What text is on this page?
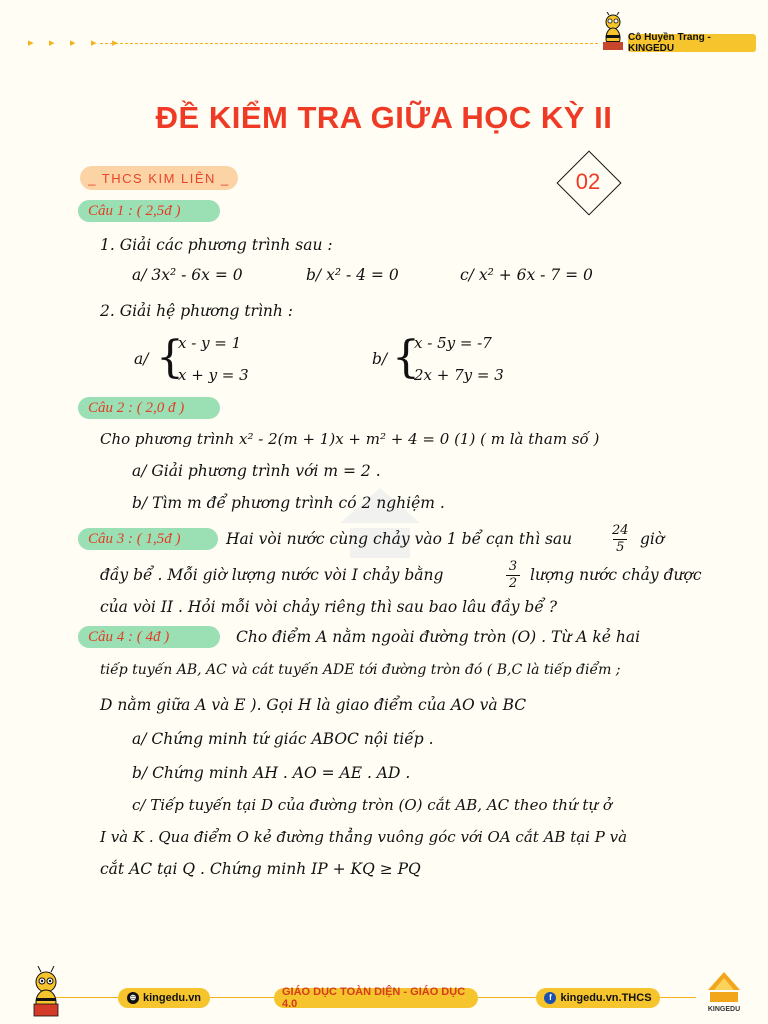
▸ ▸ ▸ ▸ ▸	Cô Huyền Trang - KINGEDU
ĐỀ KIỂM TRA GIỮA HỌC KỲ II
_ THCS KIM LIÊN _	02
Câu 1 : ( 2,5đ )
1. Giải các phương trình sau :
a/ 3x² - 6x = 0	b/ x² - 4 = 0	c/ x² + 6x - 7 = 0
2. Giải hệ phương trình :
a/ {
x - y = 1
x + y = 3
b/ {
x - 5y = -7
2x + 7y = 3
Câu 2 : ( 2,0 đ )
Cho phương trình x² - 2(m + 1)x + m² + 4 = 0 (1) ( m là tham số )
a/ Giải phương trình với m = 2 .
b/ Tìm m để phương trình có 2 nghiệm .
Câu 3 : ( 1,5đ )	Hai vòi nước cùng chảy vào 1 bể cạn thì sau	24
5 giờ
đầy bể . Mỗi giờ lượng nước vòi I chảy bằng	3
2 lượng nước chảy được
của vòi II . Hỏi mỗi vòi chảy riêng thì sau bao lâu đầy bể ?
Câu 4 : ( 4đ )	Cho điểm A nằm ngoài đường tròn (O) . Từ A kẻ hai
tiếp tuyến AB, AC và cát tuyến ADE tới đường tròn đó ( B,C là tiếp điểm ;
D nằm giữa A và E ). Gọi H là giao điểm của AO và BC
a/ Chứng minh tứ giác ABOC nội tiếp .
b/ Chứng minh AH . AO = AE . AD .
c/ Tiếp tuyến tại D của đường tròn (O) cắt AB, AC theo thứ tự ở
I và K . Qua điểm O kẻ đường thẳng vuông góc với OA cắt AB tại P và
cắt AC tại Q . Chứng minh IP + KQ ≥ PQ
⊕ kingedu.vn	GIÁO DỤC TOÀN DIỆN - GIÁO DỤC 4.0
f kingedu.vn.THCS
KINGEDU
